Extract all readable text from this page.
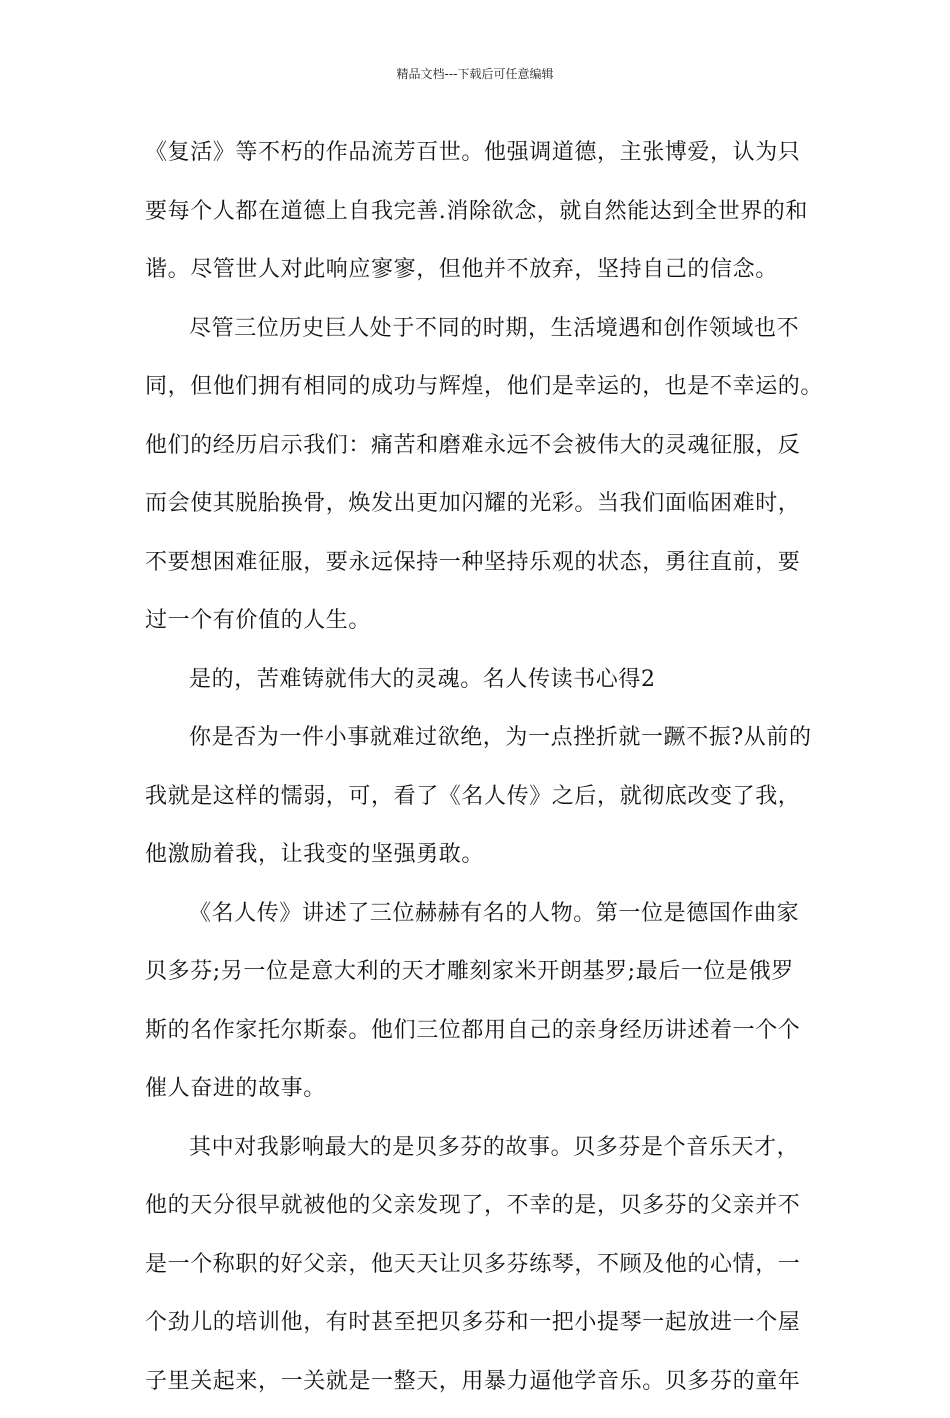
精品文档---下载后可任意编辑
《复活》等不朽的作品流芳百世。他强调道德，主张博爱，认为只
要每个人都在道德上自我完善.消除欲念，就自然能达到全世界的和
谐。尽管世人对此响应寥寥，但他并不放弃，坚持自己的信念。
尽管三位历史巨人处于不同的时期，生活境遇和创作领域也不
同，但他们拥有相同的成功与辉煌，他们是幸运的，也是不幸运的。
他们的经历启示我们：痛苦和磨难永远不会被伟大的灵魂征服，反
而会使其脱胎换骨，焕发出更加闪耀的光彩。当我们面临困难时，
不要想困难征服，要永远保持一种坚持乐观的状态，勇往直前，要
过一个有价值的人生。
是的，苦难铸就伟大的灵魂。名人传读书心得2
你是否为一件小事就难过欲绝，为一点挫折就一蹶不振?从前的
我就是这样的懦弱，可，看了《名人传》之后，就彻底改变了我，
他激励着我，让我变的坚强勇敢。
《名人传》讲述了三位赫赫有名的人物。第一位是德国作曲家
贝多芬;另一位是意大利的天才雕刻家米开朗基罗;最后一位是俄罗
斯的名作家托尔斯泰。他们三位都用自己的亲身经历讲述着一个个
催人奋进的故事。
其中对我影响最大的是贝多芬的故事。贝多芬是个音乐天才，
他的天分很早就被他的父亲发现了，不幸的是，贝多芬的父亲并不
是一个称职的好父亲，他天天让贝多芬练琴，不顾及他的心情，一
个劲儿的培训他，有时甚至把贝多芬和一把小提琴一起放进一个屋
子里关起来，一关就是一整天，用暴力逼他学音乐。贝多芬的童年
